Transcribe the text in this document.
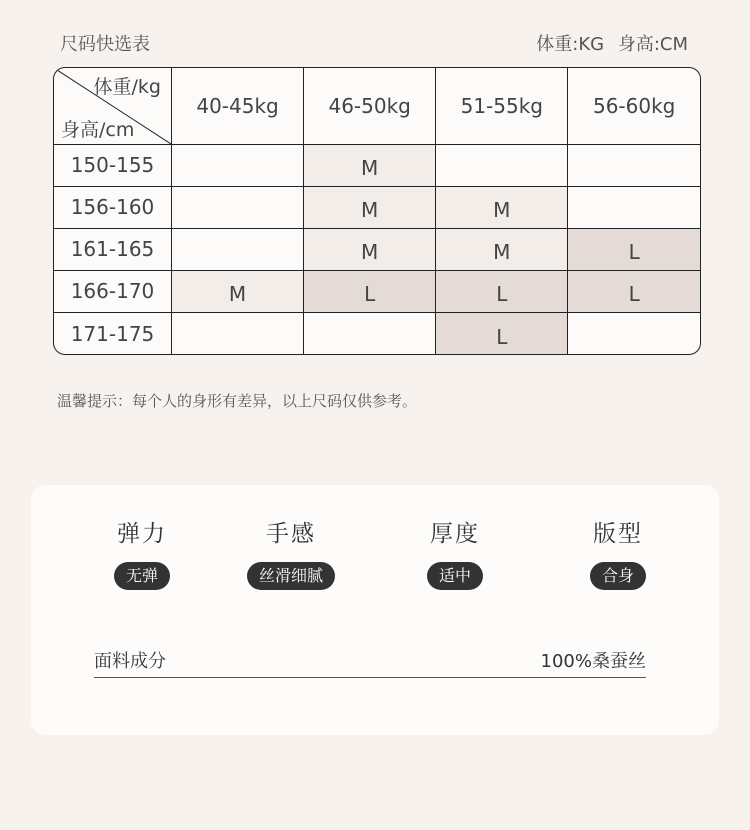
尺码快选表	体重:KG 身高:CM
体重/kg
身高/cm	40-45kg	46-50kg	51-55kg	56-60kg
150-155		M		
156-160		M	M	
161-165		M	M	L
166-170	M	L	L	L
171-175			L	
温馨提示：每个人的身形有差异，以上尺码仅供参考。
弹力
无弹
手感
丝滑细腻
厚度
适中
版型
合身
面料成分	100%桑蚕丝
